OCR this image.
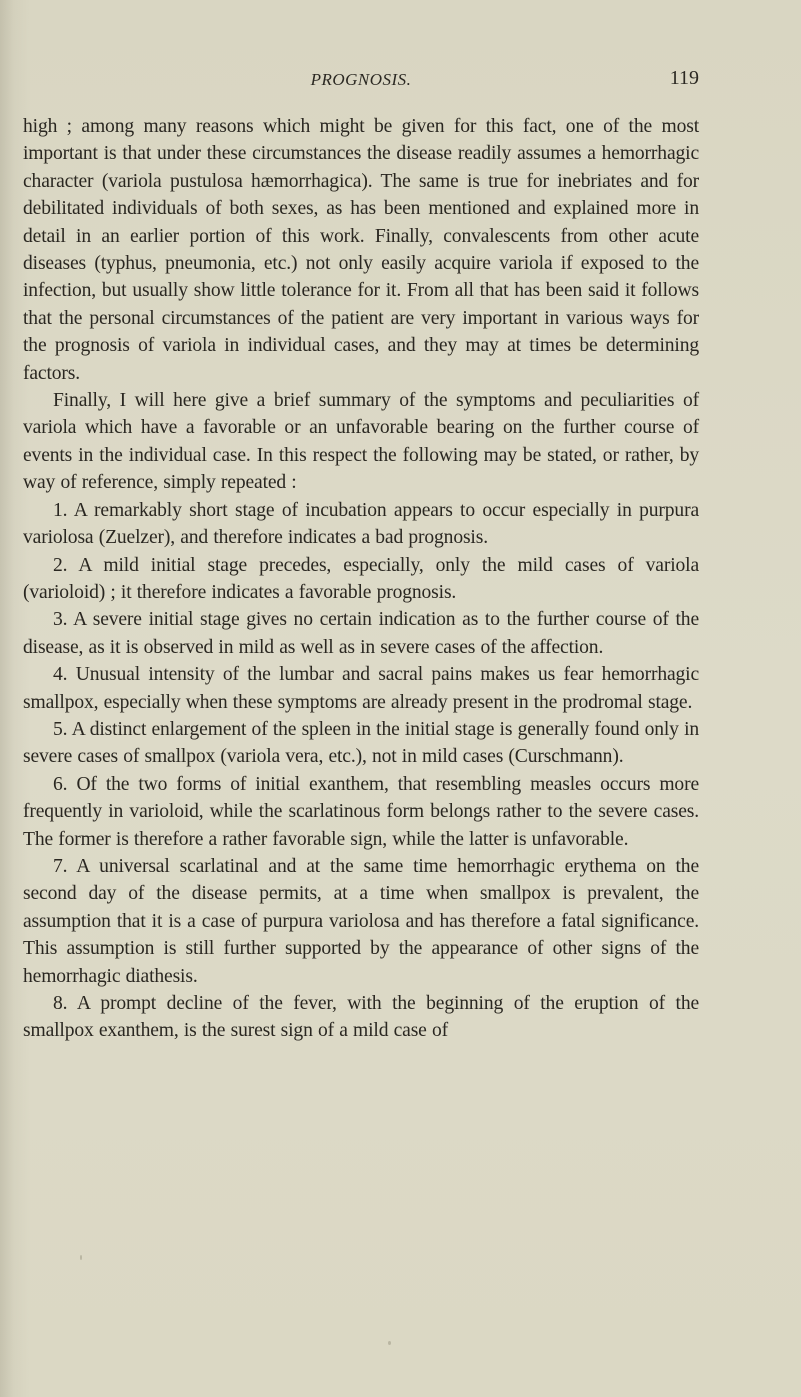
PROGNOSIS.	119

high ; among many reasons which might be given for this fact, one of the most important is that under these circumstances the disease readily assumes a hemorrhagic character (variola pustulosa hæmorrhagica). The same is true for inebriates and for debilitated individuals of both sexes, as has been mentioned and explained more in detail in an earlier portion of this work. Finally, convalescents from other acute diseases (typhus, pneumonia, etc.) not only easily acquire variola if exposed to the infection, but usually show little tolerance for it. From all that has been said it follows that the personal circumstances of the patient are very important in various ways for the prognosis of variola in individual cases, and they may at times be determining factors.

Finally, I will here give a brief summary of the symptoms and peculiarities of variola which have a favorable or an unfavorable bearing on the further course of events in the individual case. In this respect the following may be stated, or rather, by way of reference, simply repeated :

1. A remarkably short stage of incubation appears to occur especially in purpura variolosa (Zuelzer), and therefore indicates a bad prognosis.

2. A mild initial stage precedes, especially, only the mild cases of variola (varioloid) ; it therefore indicates a favorable prognosis.

3. A severe initial stage gives no certain indication as to the further course of the disease, as it is observed in mild as well as in severe cases of the affection.

4. Unusual intensity of the lumbar and sacral pains makes us fear hemorrhagic smallpox, especially when these symptoms are already present in the prodromal stage.

5. A distinct enlargement of the spleen in the initial stage is generally found only in severe cases of smallpox (variola vera, etc.), not in mild cases (Curschmann).

6. Of the two forms of initial exanthem, that resembling measles occurs more frequently in varioloid, while the scarlatinous form belongs rather to the severe cases. The former is therefore a rather favorable sign, while the latter is unfavorable.

7. A universal scarlatinal and at the same time hemorrhagic erythema on the second day of the disease permits, at a time when smallpox is prevalent, the assumption that it is a case of purpura variolosa and has therefore a fatal significance. This assumption is still further supported by the appearance of other signs of the hemorrhagic diathesis.

8. A prompt decline of the fever, with the beginning of the eruption of the smallpox exanthem, is the surest sign of a mild case of
